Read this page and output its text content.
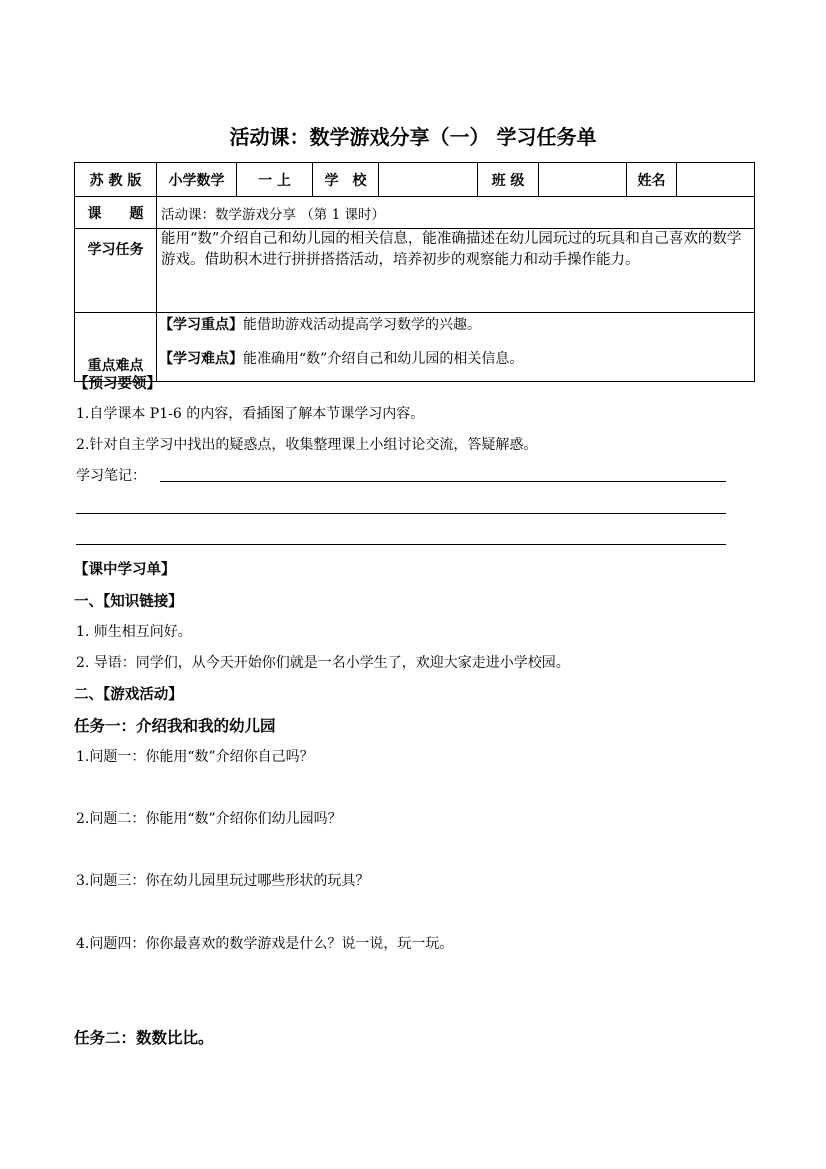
活动课：数学游戏分享（一） 学习任务单
苏 教 版	小学数学	一 上	学　校		班 级		姓名	
课　　题	活动课：数学游戏分享 （第 1 课时）							
学习任务	能用“数”介绍自己和幼儿园的相关信息，能准确描述在幼儿园玩过的玩具和自己喜欢的数学游戏。借助积木进行拼拼搭搭活动，培养初步的观察能力和动手操作能力。							
重点难点	【学习重点】能借助游戏活动提高学习数学的兴趣。
【学习难点】能准确用“数”介绍自己和幼儿园的相关信息。							
【预习要领】
1.自学课本 P1-6 的内容，看插图了解本节课学习内容。
2.针对自主学习中找出的疑惑点，收集整理课上小组讨论交流，答疑解惑。
学习笔记：
【课中学习单】
一、【知识链接】
1. 师生相互问好。
2. 导语：同学们，从今天开始你们就是一名小学生了，欢迎大家走进小学校园。
二、【游戏活动】
任务一：介绍我和我的幼儿园
1.问题一：你能用“数”介绍你自己吗？
2.问题二：你能用“数”介绍你们幼儿园吗？
3.问题三：你在幼儿园里玩过哪些形状的玩具？
4.问题四：你你最喜欢的数学游戏是什么？说一说，玩一玩。
任务二：数数比比。
